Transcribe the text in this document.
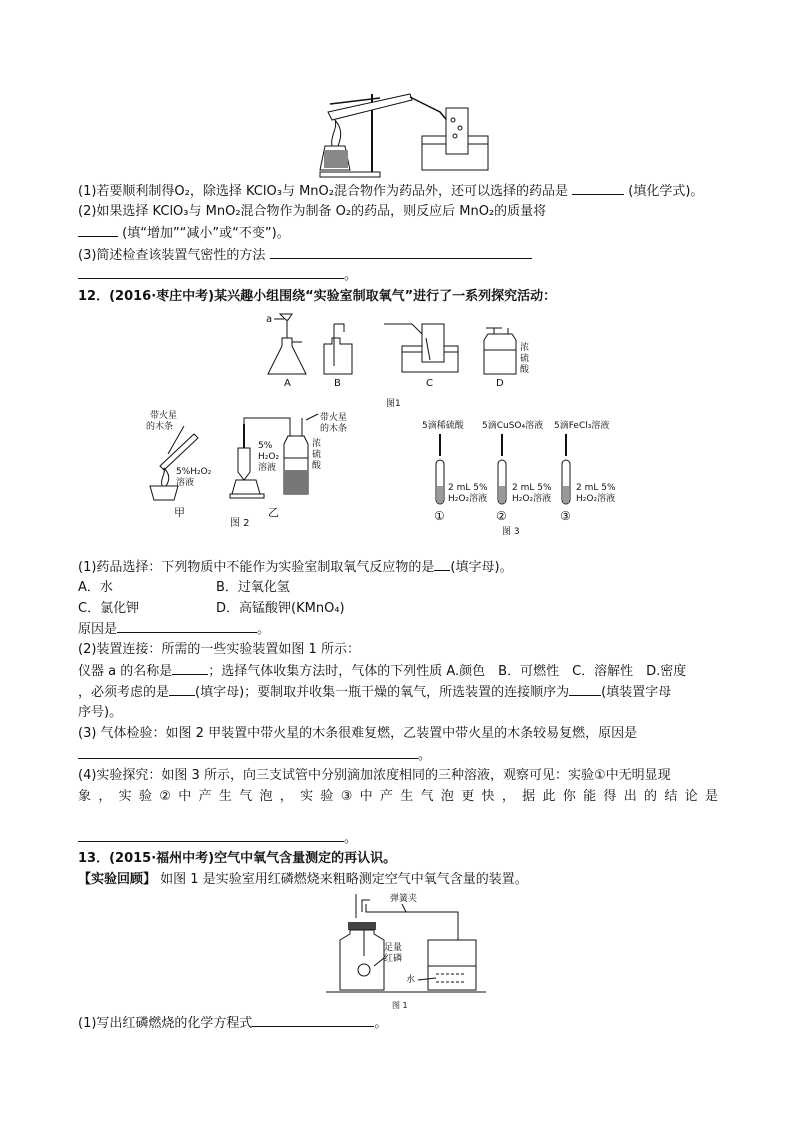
(1)若要顺利制得O₂，除选择 KClO₃与 MnO₂混合物作为药品外，还可以选择的药品是	(填化学式)。
(2)如果选择 KClO₃与 MnO₂混合物作为制备 O₂的药品，则反应后 MnO₂的质量将
(填“增加”“减小”或“不变”)。
(3)简述检查该装置气密性的方法
。
12．(2016·枣庄中考)某兴趣小组围绕“实验室制取氧气”进行了一系列探究活动：
a
A	B	C	D
浓
硫
酸
图1
带火星
的木条
5%H₂O₂
溶液
甲
图 2
5%
H₂O₂
溶液
带火星
的木条
浓
硫
酸
乙
5滴稀硫酸 5滴CuSO₄溶液 5滴FeCl₃溶液
2 mL 5%
H₂O₂溶液
2 mL 5%
H₂O₂溶液
2 mL 5%
H₂O₂溶液
①	②	③
图 3
(1)药品选择：下列物质中不能作为实验室制取氧气反应物的是 (填字母)。
A．水	B．过氧化氢
C．氯化钾	D．高锰酸钾(KMnO₄)
原因是	。
(2)装置连接：所需的一些实验装置如图 1 所示：
仪器 a 的名称是	；选择气体收集方法时，气体的下列性质 A.颜色　B．可燃性　C．溶解性　D.密度
，必须考虑的是 (填字母)；要制取并收集一瓶干燥的氧气，所选装置的连接顺序为 (填装置字母
序号)。
(3) 气体检验：如图 2 甲装置中带火星的木条很难复燃，乙装置中带火星的木条较易复燃，原因是
。
(4)实验探究：如图 3 所示，向三支试管中分别滴加浓度相同的三种溶液，观察可见：实验①中无明显现
象 ， 实 验 ② 中 产 生 气 泡 ， 实 验 ③ 中 产 生 气 泡 更 快 ， 据 此 你 能 得 出 的 结 论 是
。
13．(2015·福州中考)空气中氧气含量测定的再认识。
【实验回顾】 如图 1 是实验室用红磷燃烧来粗略测定空气中氧气含量的装置。
弹簧夹
足量
红磷
水
图 1
(1)写出红磷燃烧的化学方程式	。
